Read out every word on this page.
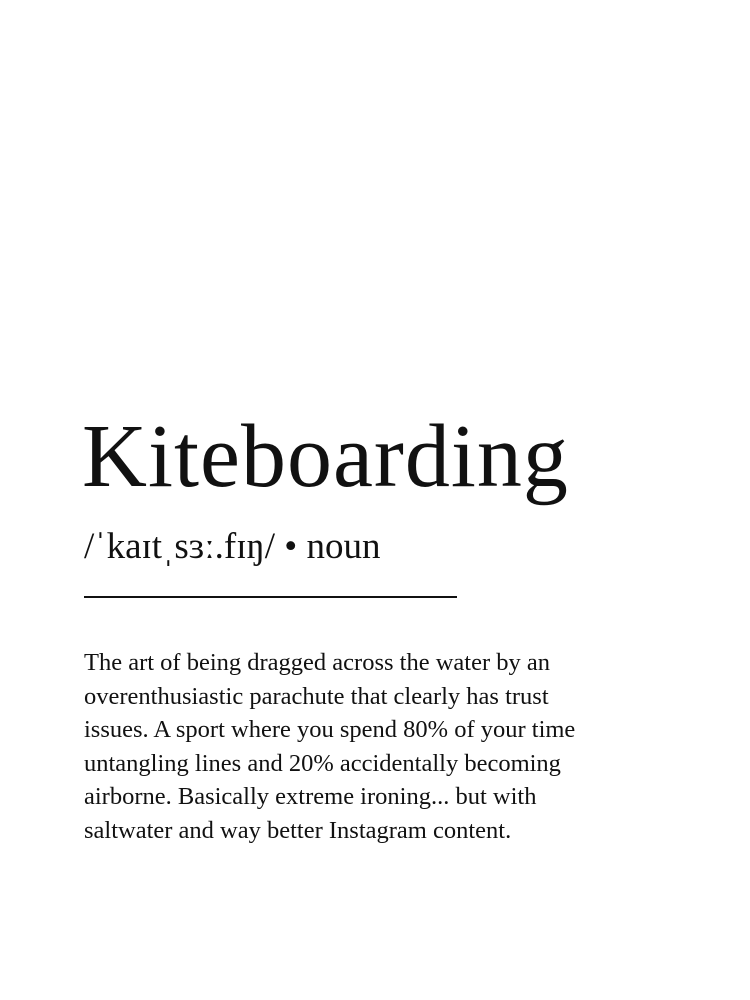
Kiteboarding
/ˈkaɪtˌsɜː.fɪŋ/ • noun
The art of being dragged across the water by an
overenthusiastic parachute that clearly has trust
issues. A sport where you spend 80% of your time
untangling lines and 20% accidentally becoming
airborne. Basically extreme ironing... but with
saltwater and way better Instagram content.
